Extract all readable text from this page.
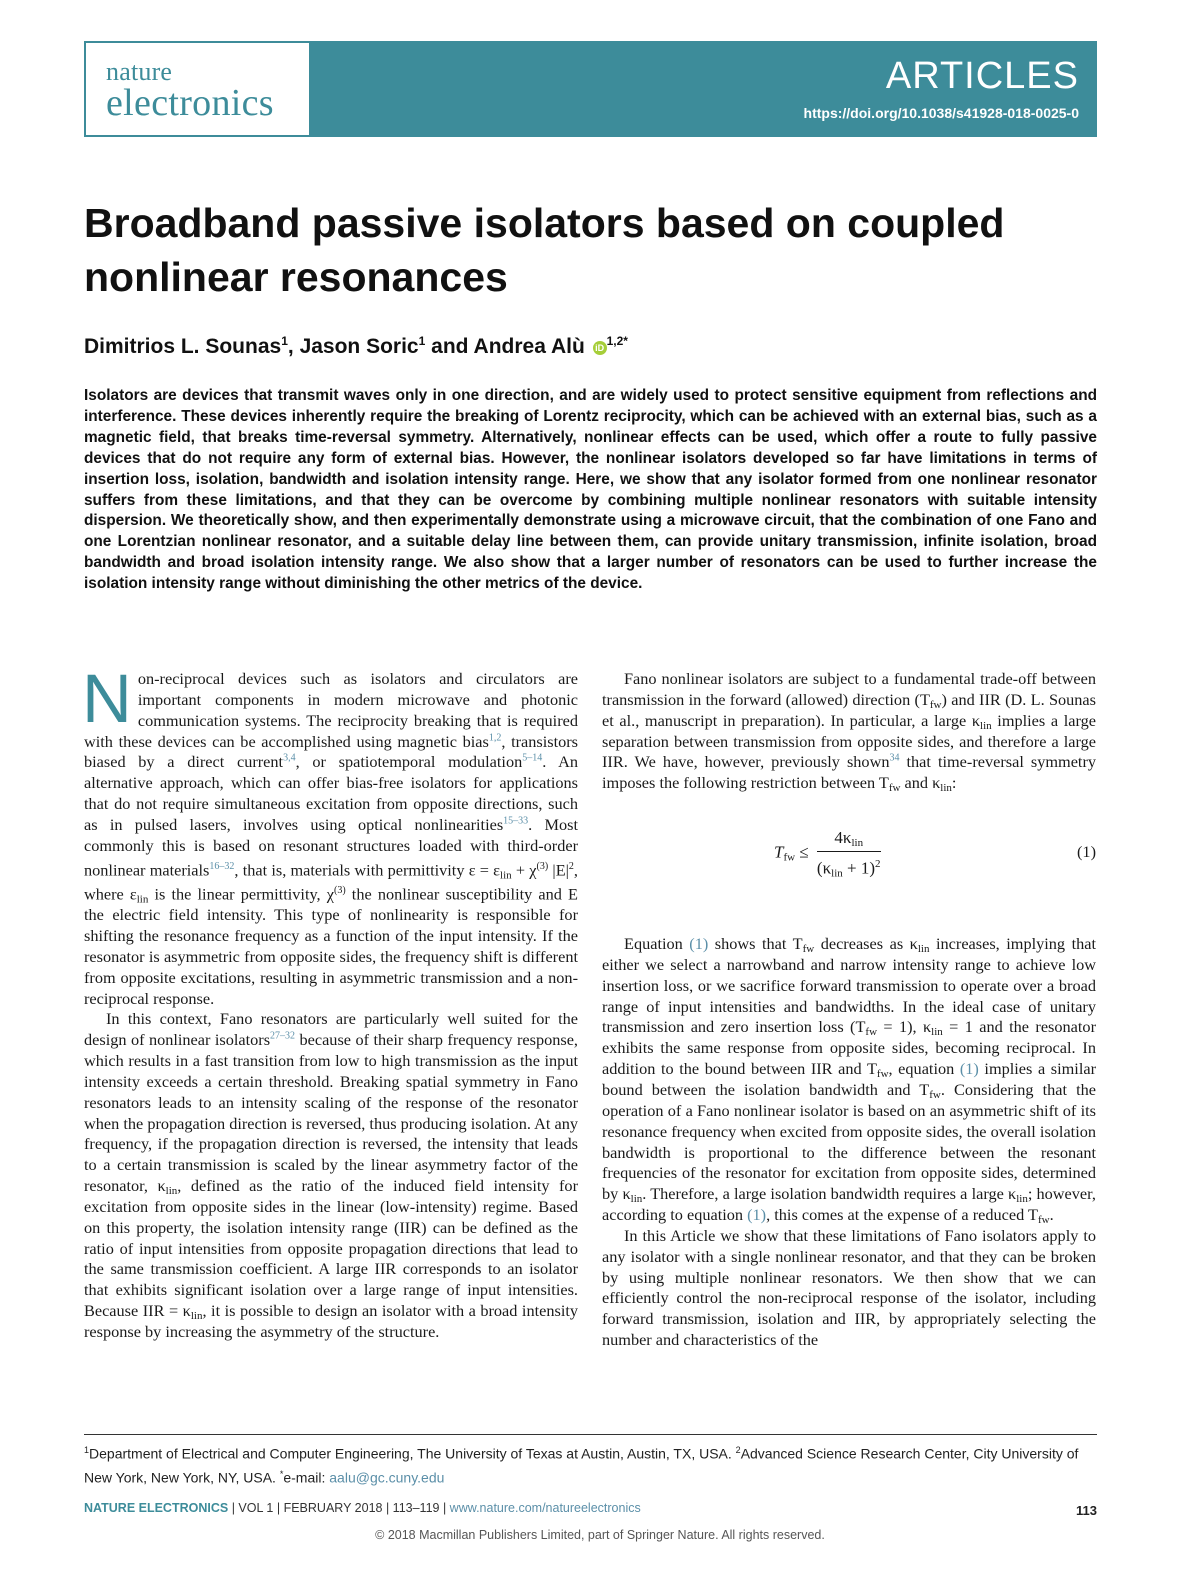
nature
electronics
ARTICLES
https://doi.org/10.1038/s41928-018-0025-0
Broadband passive isolators based on coupled nonlinear resonances
Dimitrios L. Sounas$^1$, Jason Soric$^1$ and Andrea Alù iD $^{1,2*}$

Isolators are devices that transmit waves only in one direction, and are widely used to protect sensitive equipment from reflections and interference. These devices inherently require the breaking of Lorentz reciprocity, which can be achieved with an external bias, such as a magnetic field, that breaks time-reversal symmetry. Alternatively, nonlinear effects can be used, which offer a route to fully passive devices that do not require any form of external bias. However, the nonlinear isolators developed so far have limitations in terms of insertion loss, isolation, bandwidth and isolation intensity range. Here, we show that any isolator formed from one nonlinear resonator suffers from these limitations, and that they can be overcome by combining multiple nonlinear resonators with suitable intensity dispersion. We theoretically show, and then experimentally demonstrate using a microwave circuit, that the combination of one Fano and one Lorentzian nonlinear resonator, and a suitable delay line between them, can provide unitary transmission, infinite isolation, broad bandwidth and broad isolation intensity range. We also show that a larger number of resonators can be used to further increase the isolation intensity range without diminishing the other metrics of the device.

Non-reciprocal devices such as isolators and circulators are important components in modern microwave and photonic communication systems. The reciprocity breaking that is required with these devices can be accomplished using magnetic bias$^{1,2}$, transistors biased by a direct current$^{3,4}$, or spatiotemporal modulation$^{5-14}$. An alternative approach, which can offer bias-free isolators for applications that do not require simultaneous excitation from opposite directions, such as in pulsed lasers, involves using optical nonlinearities$^{15-33}$. Most commonly this is based on resonant structures loaded with third-order nonlinear materials$^{16-32}$, that is, materials with permittivity $\varepsilon = \varepsilon_{lin} + \chi^{(3)}$ $|E|^2$, where $\varepsilon_{lin}$ is the linear permittivity, $\chi^{(3)}$ the nonlinear susceptibility and E the electric field intensity. This type of nonlinearity is responsible for shifting the resonance frequency as a function of the input intensity. If the resonator is asymmetric from opposite sides, the frequency shift is different from opposite excitations, resulting in asymmetric transmission and a non-reciprocal response.

In this context, Fano resonators are particularly well suited for the design of nonlinear isolators$^{27-32}$ because of their sharp frequency response, which results in a fast transition from low to high transmission as the input intensity exceeds a certain threshold. Breaking spatial symmetry in Fano resonators leads to an intensity scaling of the response of the resonator when the propagation direction is reversed, thus producing isolation. At any frequency, if the propagation direction is reversed, the intensity that leads to a certain transmission is scaled by the linear asymmetry factor of the resonator, $\kappa_{lin}$, defined as the ratio of the induced field intensity for excitation from opposite sides in the linear (low-intensity) regime. Based on this property, the isolation intensity range (IIR) can be defined as the ratio of input intensities from opposite propagation directions that lead to the same transmission coefficient. A large IIR corresponds to an isolator that exhibits significant isolation over a large range of input intensities. Because IIR = $\kappa_{lin}$, it is possible to design an isolator with a broad intensity response by increasing the asymmetry of the structure.

Fano nonlinear isolators are subject to a fundamental trade-off between transmission in the forward (allowed) direction $(T_{fw})$ and IIR (D. L. Sounas et al., manuscript in preparation). In particular, a large $\kappa_{lin}$ implies a large separation between transmission from opposite sides, and therefore a large IIR. We have, however, previously shown$^{34}$ that time-reversal symmetry imposes the following restriction between $T_{fw}$ and $\kappa_{lin}$:

$T_{fw} \le \frac{4\kappa_{lin}}{(\kappa_{lin} + 1)^2}$	(1)

Equation (1) shows that $T_{fw}$ decreases as $\kappa_{lin}$ increases, implying that either we select a narrowband and narrow intensity range to achieve low insertion loss, or we sacrifice forward transmission to operate over a broad range of input intensities and bandwidths. In the ideal case of unitary transmission and zero insertion loss $(T_{fw} = 1)$, $\kappa_{lin} = 1$ and the resonator exhibits the same response from opposite sides, becoming reciprocal. In addition to the bound between IIR and $T_{fw}$, equation (1) implies a similar bound between the isolation bandwidth and $T_{fw}$. Considering that the operation of a Fano nonlinear isolator is based on an asymmetric shift of its resonance frequency when excited from opposite sides, the overall isolation bandwidth is proportional to the difference between the resonant frequencies of the resonator for excitation from opposite sides, determined by $\kappa_{lin}$. Therefore, a large isolation bandwidth requires a large $\kappa_{lin}$; however, according to equation (1), this comes at the expense of a reduced $T_{fw}$.

In this Article we show that these limitations of Fano isolators apply to any isolator with a single nonlinear resonator, and that they can be broken by using multiple nonlinear resonators. We then show that we can efficiently control the non-reciprocal response of the isolator, including forward transmission, isolation and IIR, by appropriately selecting the number and characteristics of the

$^1$Department of Electrical and Computer Engineering, The University of Texas at Austin, Austin, TX, USA. $^2$Advanced Science Research Center, City University of New York, New York, NY, USA. *e-mail: aalu@gc.cuny.edu

NATURE ELECTRONICS | VOL 1 | FEBRUARY 2018 | 113–119 | www.nature.com/natureelectronics	113
© 2018 Macmillan Publishers Limited, part of Springer Nature. All rights reserved.
